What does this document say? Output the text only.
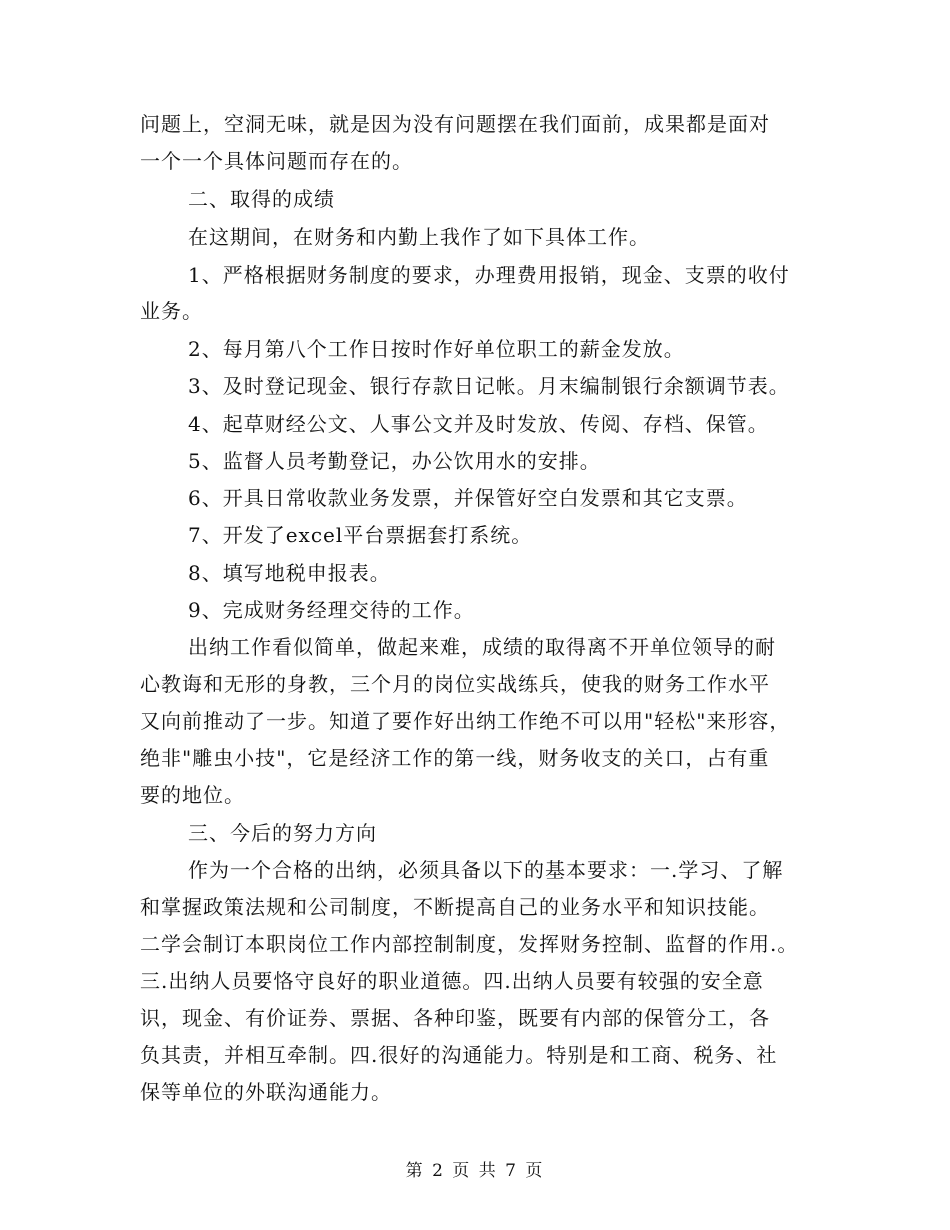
问题上，空洞无味，就是因为没有问题摆在我们面前，成果都是面对
一个一个具体问题而存在的。
二、取得的成绩
在这期间，在财务和内勤上我作了如下具体工作。
1、严格根据财务制度的要求，办理费用报销，现金、支票的收付
业务。
2、每月第八个工作日按时作好单位职工的薪金发放。
3、及时登记现金、银行存款日记帐。月末编制银行余额调节表。
4、起草财经公文、人事公文并及时发放、传阅、存档、保管。
5、监督人员考勤登记，办公饮用水的安排。
6、开具日常收款业务发票，并保管好空白发票和其它支票。
7、开发了excel平台票据套打系统。
8、填写地税申报表。
9、完成财务经理交待的工作。
出纳工作看似简单，做起来难，成绩的取得离不开单位领导的耐
心教诲和无形的身教，三个月的岗位实战练兵，使我的财务工作水平
又向前推动了一步。知道了要作好出纳工作绝不可以用"轻松"来形容，
绝非"雕虫小技"，它是经济工作的第一线，财务收支的关口，占有重
要的地位。
三、今后的努力方向
作为一个合格的出纳，必须具备以下的基本要求：一.学习、了解
和掌握政策法规和公司制度，不断提高自己的业务水平和知识技能。
二学会制订本职岗位工作内部控制制度，发挥财务控制、监督的作用.。
三.出纳人员要恪守良好的职业道德。四.出纳人员要有较强的安全意
识，现金、有价证券、票据、各种印鉴，既要有内部的保管分工，各
负其责，并相互牵制。四.很好的沟通能力。特别是和工商、税务、社
保等单位的外联沟通能力。
第 2 页 共 7 页
